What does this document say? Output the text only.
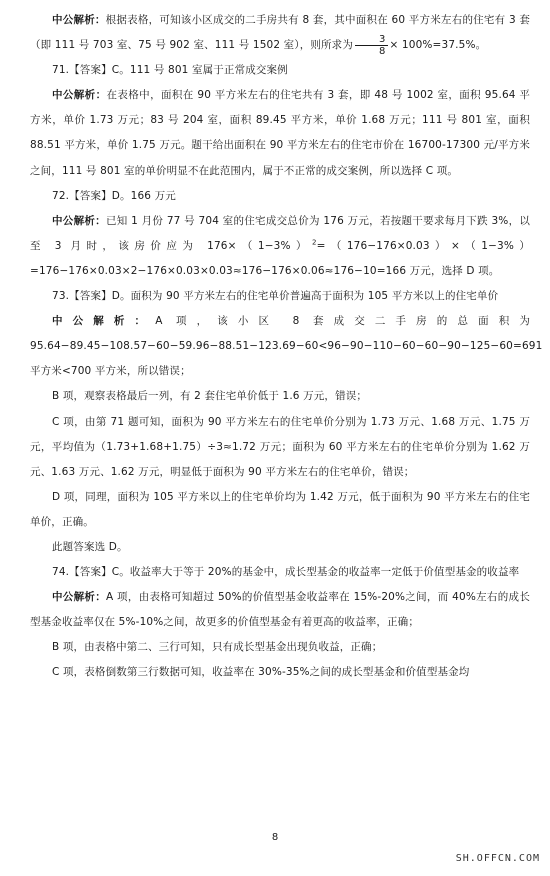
中公解析：根据表格，可知该小区成交的二手房共有 8 套，其中面积在 60 平方米左右的住宅有 3 套（即 111 号 703 室、75 号 902 室、111 号 1502 室），则所求为 $\frac{3}{8} \times 100\%=37.5\%$。

71.【答案】C。111 号 801 室属于正常成交案例

中公解析：在表格中，面积在 90 平方米左右的住宅共有 3 套，即 48 号 1002 室，面积 95.64 平方米，单价 1.73 万元；83 号 204 室，面积 89.45 平方米，单价 1.68 万元；111 号 801 室，面积 88.51 平方米，单价 1.75 万元。题干给出面积在 90 平方米左右的住宅市价在 16700-17300 元/平方米之间，111 号 801 室的单价明显不在此范围内，属于不正常的成交案例，所以选择 C 项。

72.【答案】D。166 万元

中公解析：已知 1 月份 77 号 704 室的住宅成交总价为 176 万元，若按题干要求每月下跌 3%，以至 3 月时，该房价应为 $176\times(1-3\%)^2=(176-176\times 0.03)\times(1-3\%)=176-176\times 0.03\times 2-176\times 0.03\times 0.03\approx 176-176\times 0.06\approx 176-10=166$ 万元，选择 D 项。

73.【答案】D。面积为 90 平方米左右的住宅单价普遍高于面积为 105 平方米以上的住宅单价

中公解析：A 项，该小区 8 套成交二手房的总面积为 95.64−89.45−108.57−60−59.96−88.51−123.69−60<96−90−110−60−60−90−125−60=691 平方米<700 平方米，所以错误；

B 项，观察表格最后一列，有 2 套住宅单价低于 1.6 万元，错误；

C 项，由第 71 题可知，面积为 90 平方米左右的住宅单价分别为 1.73 万元、1.68 万元、1.75 万元，平均值为（1.73+1.68+1.75）÷3≈1.72 万元；面积为 60 平方米左右的住宅单价分别为 1.62 万元、1.63 万元、1.62 万元，明显低于面积为 90 平方米左右的住宅单价，错误；

D 项，同理，面积为 105 平方米以上的住宅单价均为 1.42 万元，低于面积为 90 平方米左右的住宅单价，正确。

此题答案选 D。

74.【答案】C。收益率大于等于 20%的基金中，成长型基金的收益率一定低于价值型基金的收益率

中公解析：A 项，由表格可知超过 50%的价值型基金收益率在 15%-20%之间，而 40%左右的成长型基金收益率仅在 5%-10%之间，故更多的价值型基金有着更高的收益率，正确；

B 项，由表格中第二、三行可知，只有成长型基金出现负收益，正确；

C 项，表格倒数第三行数据可知，收益率在 30%-35%之间的成长型基金和价值型基金均

8
SH.OFFCN.COM
